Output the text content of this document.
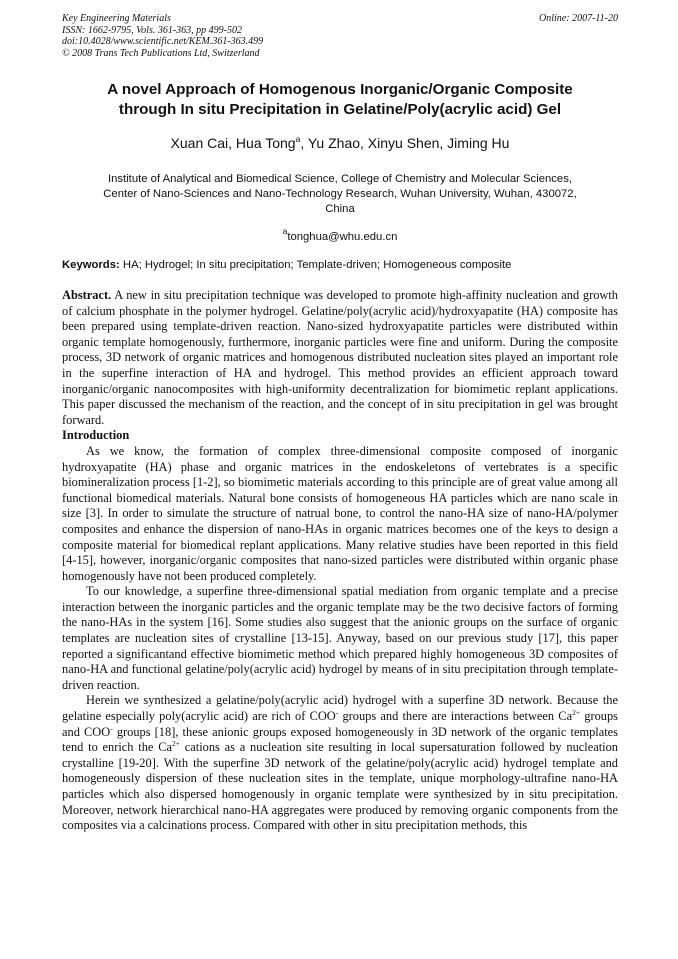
Key Engineering Materials
ISSN: 1662-9795, Vols. 361-363, pp 499-502
doi:10.4028/www.scientific.net/KEM.361-363.499
© 2008 Trans Tech Publications Ltd, Switzerland
Online: 2007-11-20
A novel Approach of Homogenous Inorganic/Organic Composite
through In situ Precipitation in Gelatine/Poly(acrylic acid) Gel
Xuan Cai, Hua Tong$^a$, Yu Zhao, Xinyu Shen, Jiming Hu
Institute of Analytical and Biomedical Science, College of Chemistry and Molecular Sciences,
Center of Nano-Sciences and Nano-Technology Research, Wuhan University, Wuhan, 430072,
China
$^a$tonghua@whu.edu.cn
Keywords: HA; Hydrogel; In situ precipitation; Template-driven; Homogeneous composite

Abstract. A new in situ precipitation technique was developed to promote high-affinity nucleation and growth of calcium phosphate in the polymer hydrogel. Gelatine/poly(acrylic acid)/hydroxyapatite (HA) composite has been prepared using template-driven reaction. Nano-sized hydroxyapatite particles were distributed within organic template homogenously, furthermore, inorganic particles were fine and uniform. During the composite process, 3D network of organic matrices and homogenous distributed nucleation sites played an important role in the superfine interaction of HA and hydrogel. This method provides an efficient approach toward inorganic/organic nanocomposites with high-uniformity decentralization for biomimetic replant applications. This paper discussed the mechanism of the reaction, and the concept of in situ precipitation in gel was brought forward.

Introduction

As we know, the formation of complex three-dimensional composite composed of inorganic hydroxyapatite (HA) phase and organic matrices in the endoskeletons of vertebrates is a specific biomineralization process [1-2], so biomimetic materials according to this principle are of great value among all functional biomedical materials. Natural bone consists of homogeneous HA particles which are nano scale in size [3]. In order to simulate the structure of natrual bone, to control the nano-HA size of nano-HA/polymer composites and enhance the dispersion of nano-HAs in organic matrices becomes one of the keys to design a composite material for biomedical replant applications. Many relative studies have been reported in this field [4-15], however, inorganic/organic composites that nano-sized particles were distributed within organic phase homogenously have not been produced completely.

To our knowledge, a superfine three-dimensional spatial mediation from organic template and a precise interaction between the inorganic particles and the organic template may be the two decisive factors of forming the nano-HAs in the system [16]. Some studies also suggest that the anionic groups on the surface of organic templates are nucleation sites of crystalline [13-15]. Anyway, based on our previous study [17], this paper reported a significantand effective biomimetic method which prepared highly homogeneous 3D composites of nano-HA and functional gelatine/poly(acrylic acid) hydrogel by means of in situ precipitation through template-driven reaction.

Herein we synthesized a gelatine/poly(acrylic acid) hydrogel with a superfine 3D network. Because the gelatine especially poly(acrylic acid) are rich of COO- groups and there are interactions between $Ca^{2+}$ groups and COO- groups [18], these anionic groups exposed homogeneously in 3D network of the organic templates tend to enrich the $Ca^{2+}$ cations as a nucleation site resulting in local supersaturation followed by nucleation crystalline [19-20]. With the superfine 3D network of the gelatine/poly(acrylic acid) hydrogel template and homogeneously dispersion of these nucleation sites in the template, unique morphology-ultrafine nano-HA particles which also dispersed homogenously in organic template were synthesized by in situ precipitation. Moreover, network hierarchical nano-HA aggregates were produced by removing organic components from the composites via a calcinations process. Compared with other in situ precipitation methods, this
